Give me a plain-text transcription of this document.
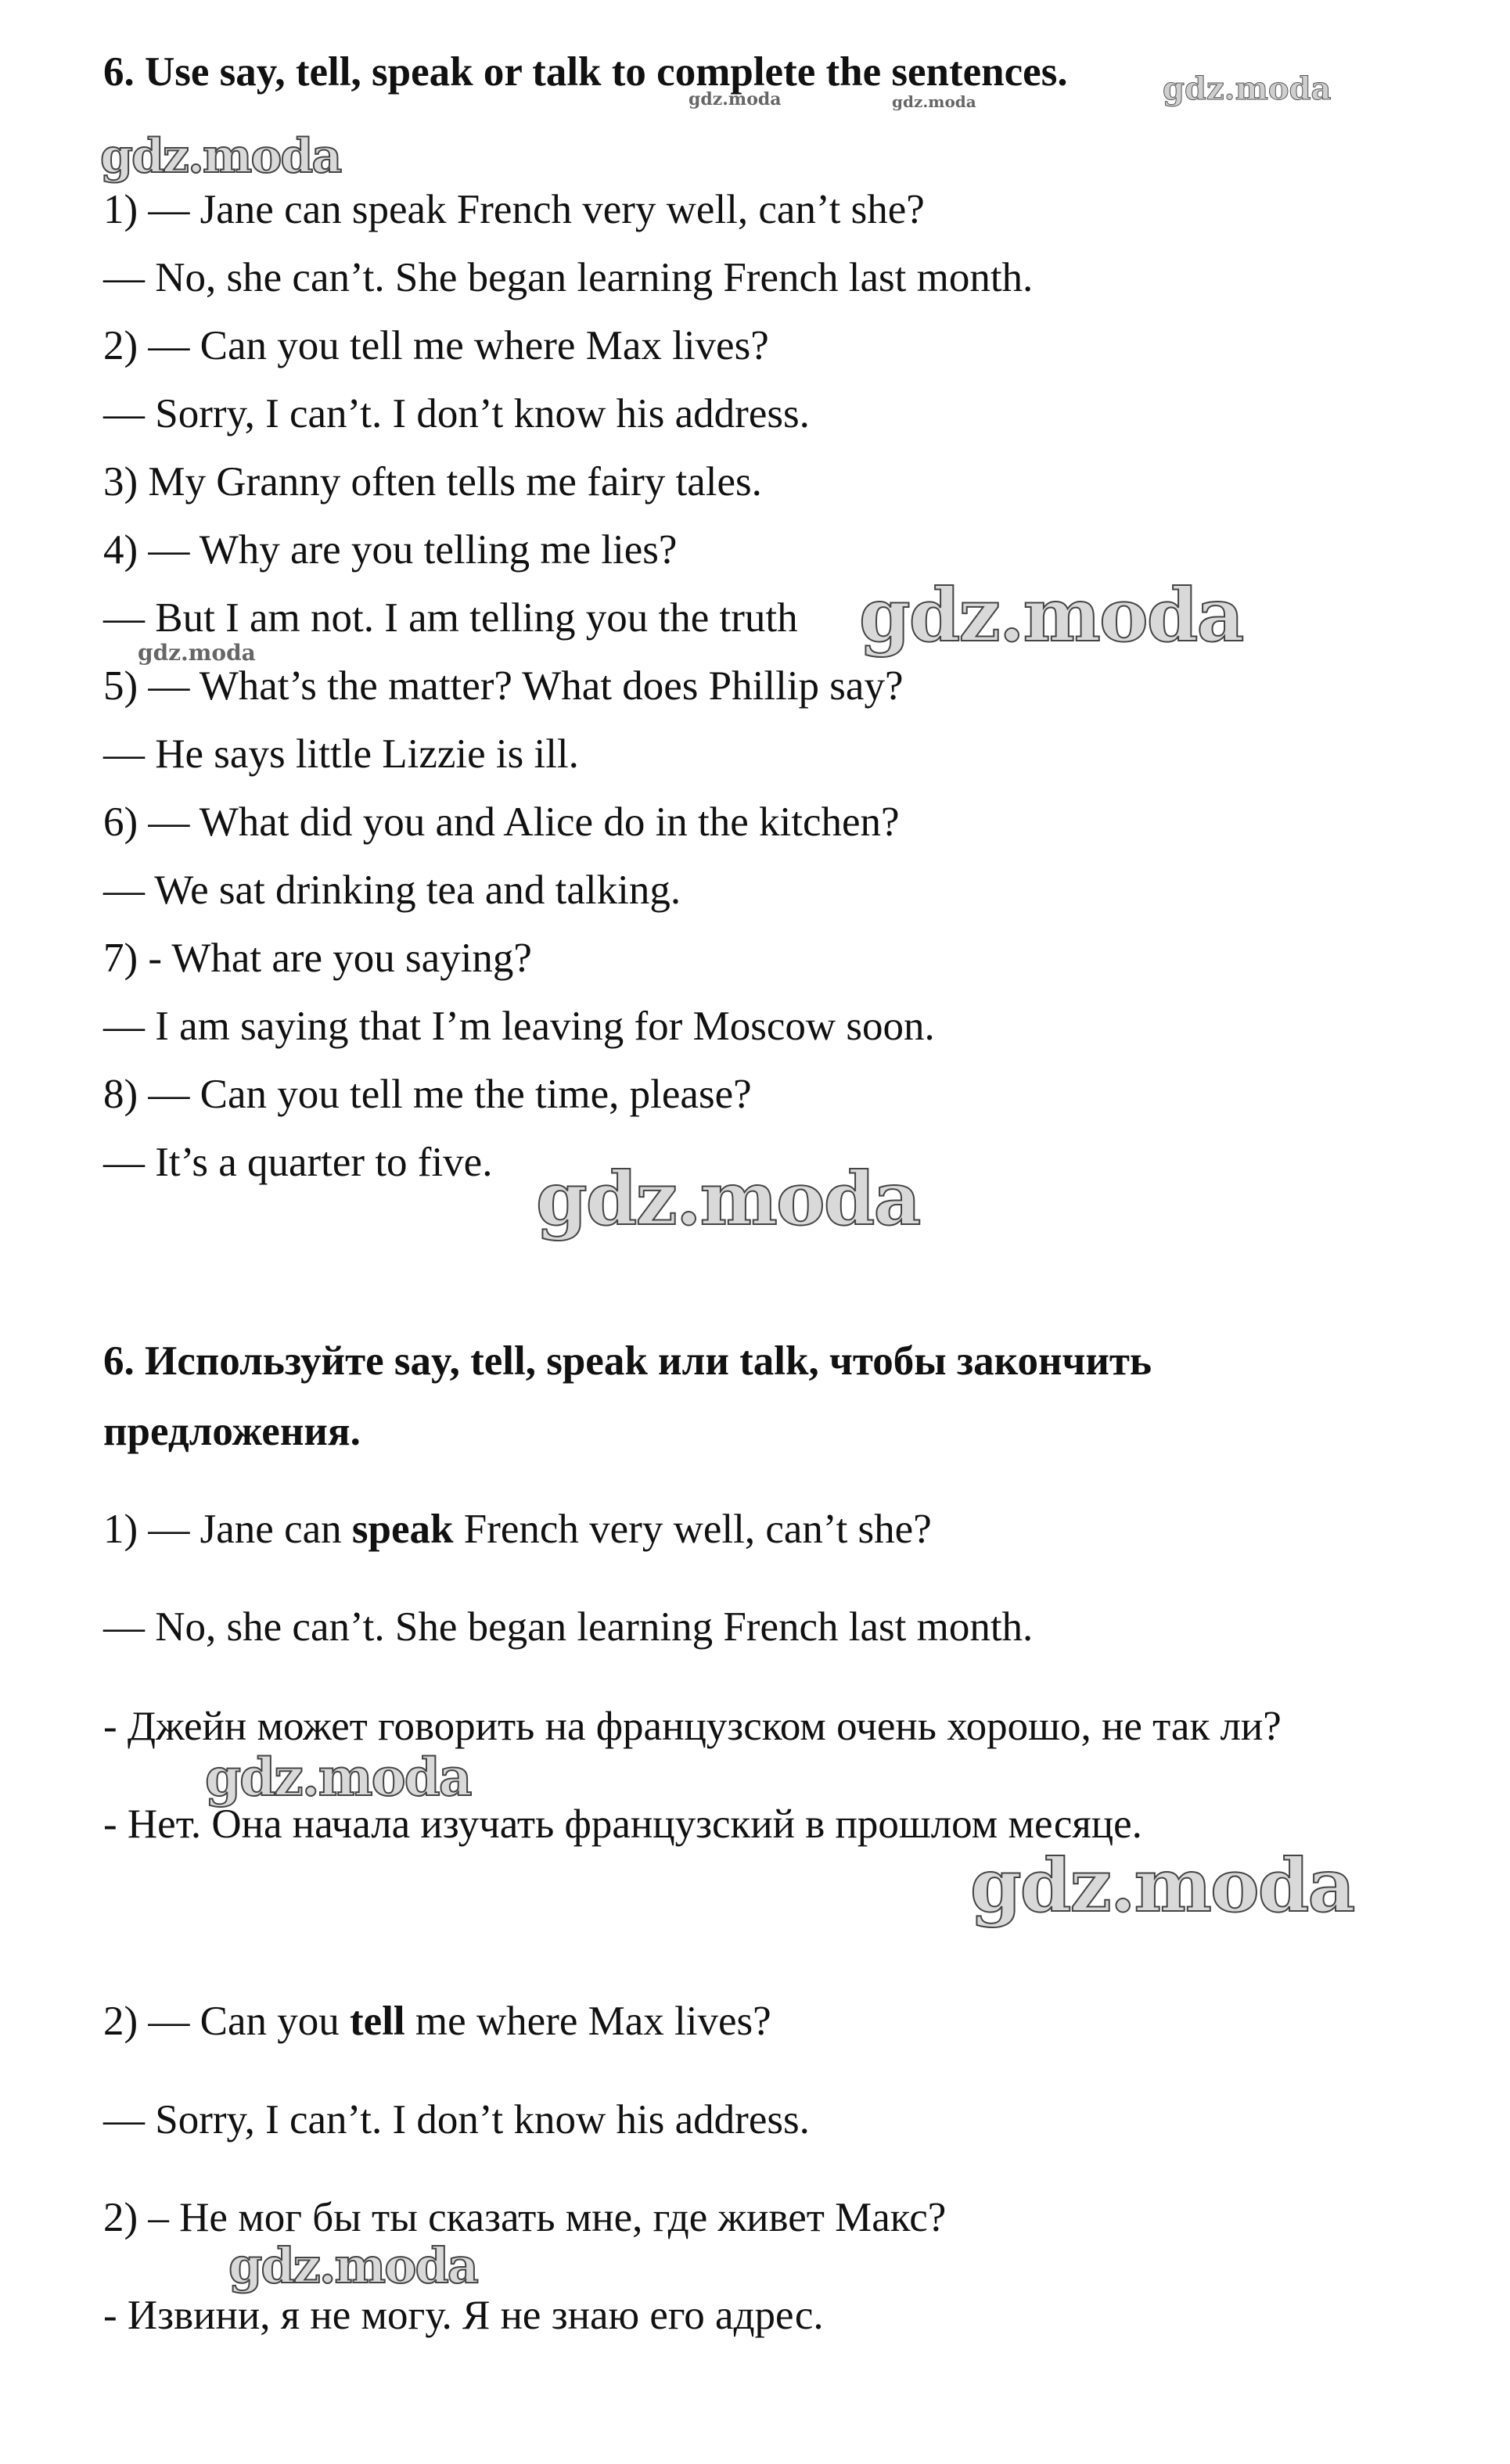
6. Use say, tell, speak or talk to complete the sentences.
1) — Jane can speak French very well, can’t she?
— No, she can’t. She began learning French last month.
2) — Can you tell me where Max lives?
— Sorry, I can’t. I don’t know his address.
3) My Granny often tells me fairy tales.
4) — Why are you telling me lies?
— But I am not. I am telling you the truth
5) — What’s the matter? What does Phillip say?
— He says little Lizzie is ill.
6) — What did you and Alice do in the kitchen?
— We sat drinking tea and talking.
7) - What are you saying?
— I am saying that I’m leaving for Moscow soon.
8) — Can you tell me the time, please?
— It’s a quarter to five.
6. Используйте say, tell, speak или talk, чтобы закончить
предложения.
1) — Jane can speak French very well, can’t she?
— No, she can’t. She began learning French last month.
- Джейн может говорить на французском очень хорошо, не так ли?
- Нет. Она начала изучать французский в прошлом месяце.
2) — Can you tell me where Max lives?
— Sorry, I can’t. I don’t know his address.
2) – Не мог бы ты сказать мне, где живет Макс?
- Извини, я не могу. Я не знаю его адрес.
gdz.moda
gdz.moda	gdz.moda
gdz.moda
gdz.moda
gdz.moda
gdz.moda
gdz.moda
gdz.moda
gdz.moda
